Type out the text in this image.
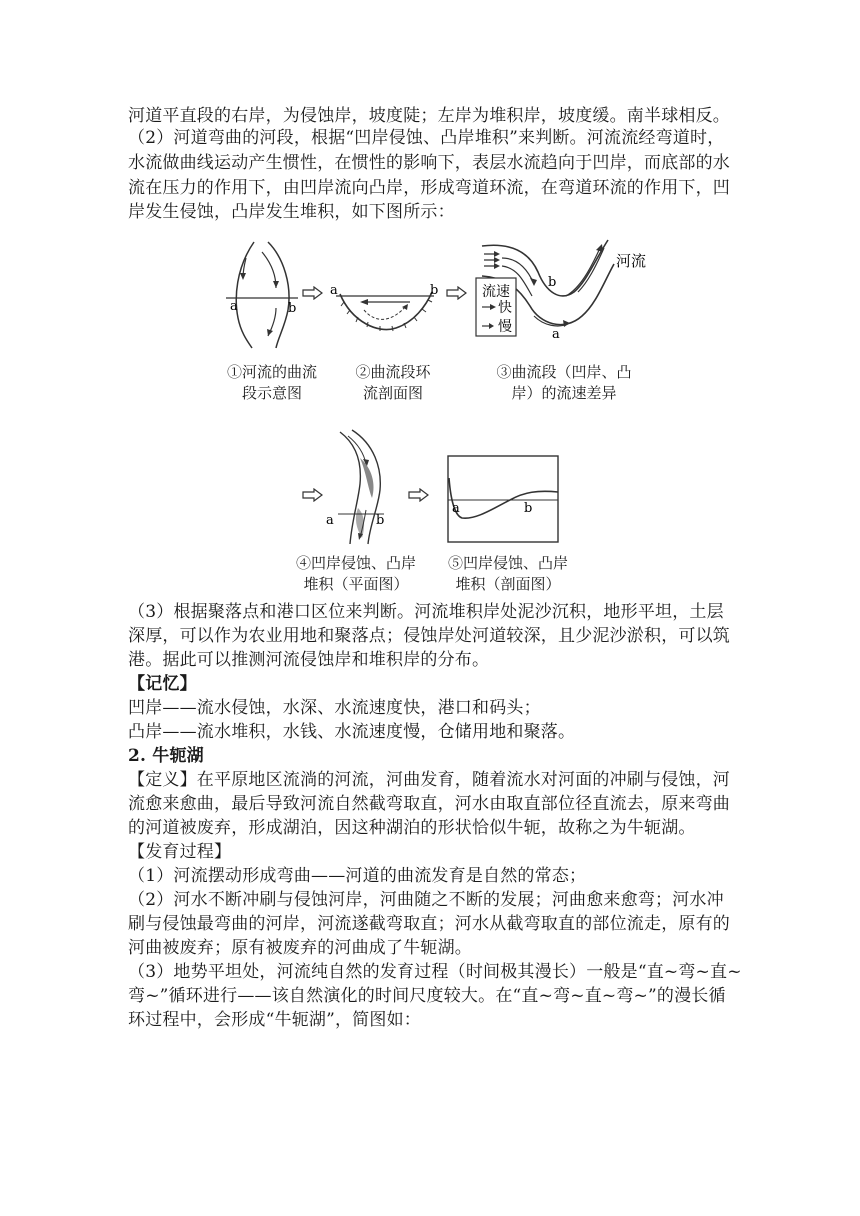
河道平直段的右岸，为侵蚀岸，坡度陡；左岸为堆积岸，坡度缓。南半球相反。
（2）河道弯曲的河段，根据“凹岸侵蚀、凸岸堆积”来判断。河流流经弯道时，
水流做曲线运动产生惯性，在惯性的影响下，表层水流趋向于凹岸，而底部的水
流在压力的作用下，由凹岸流向凸岸，形成弯道环流，在弯道环流的作用下，凹
岸发生侵蚀，凸岸发生堆积，如下图所示：
a	b
a	b	流速
快
慢
b
a
河流
①河流的曲流
段示意图
②曲流段环
流剖面图
③曲流段（凹岸、凸
岸）的流速差异
a	b
a	b
④凹岸侵蚀、凸岸
堆积（平面图）
⑤凹岸侵蚀、凸岸
堆积（剖面图）
（3）根据聚落点和港口区位来判断。河流堆积岸处泥沙沉积，地形平坦，土层
深厚，可以作为农业用地和聚落点；侵蚀岸处河道较深，且少泥沙淤积，可以筑
港。据此可以推测河流侵蚀岸和堆积岸的分布。
【记忆】
凹岸——流水侵蚀，水深、水流速度快，港口和码头；
凸岸——流水堆积，水钱、水流速度慢，仓储用地和聚落。
2. 牛轭湖
【定义】在平原地区流淌的河流，河曲发育，随着流水对河面的冲刷与侵蚀，河
流愈来愈曲，最后导致河流自然截弯取直，河水由取直部位径直流去，原来弯曲
的河道被废弃，形成湖泊，因这种湖泊的形状恰似牛轭，故称之为牛轭湖。
【发育过程】
（1）河流摆动形成弯曲——河道的曲流发育是自然的常态；
（2）河水不断冲刷与侵蚀河岸，河曲随之不断的发展；河曲愈来愈弯；河水冲
刷与侵蚀最弯曲的河岸，河流遂截弯取直；河水从截弯取直的部位流走，原有的
河曲被废弃；原有被废弃的河曲成了牛轭湖。
（3）地势平坦处，河流纯自然的发育过程（时间极其漫长）一般是“直~弯~直~
弯~”循环进行——该自然演化的时间尺度较大。在“直~弯~直~弯~”的漫长循
环过程中，会形成“牛轭湖”，简图如：
